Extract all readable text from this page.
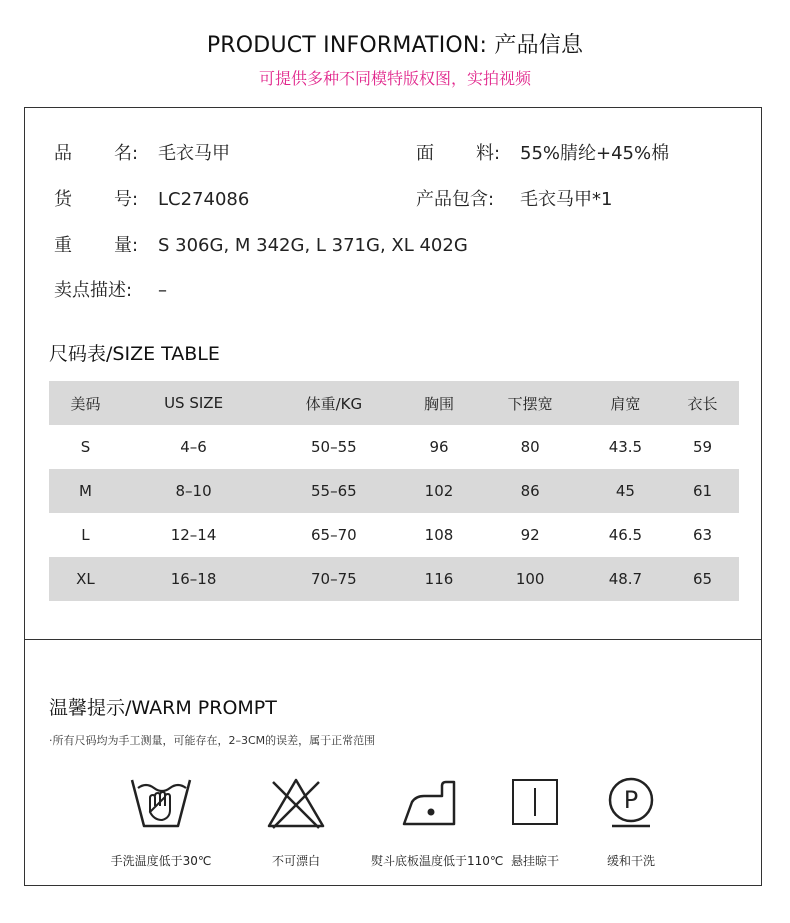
PRODUCT INFORMATION: 产品信息
可提供多种不同模特版权图，实拍视频
品 名: 毛衣马甲	面 料: 55%腈纶+45%棉
货 号: LC274086	产品包含: 毛衣马甲*1
重 量: S 306G, M 342G, L 371G, XL 402G
卖点描述: –
尺码表/SIZE TABLE
美码	US SIZE	体重/KG	胸围	下摆宽	肩宽	衣长
S	4–6	50–55	96	80	43.5	59
M	8–10	55–65	102	86	45	61
L	12–14	65–70	108	92	46.5	63
XL	16–18	70–75	116	100	48.7	65
温馨提示/WARM PROMPT
·所有尺码均为手工测量，可能存在，2–3CM的误差，属于正常范围
手洗温度低于30℃	不可漂白	熨斗底板温度低于110℃ 悬挂晾干
P
缓和干洗
